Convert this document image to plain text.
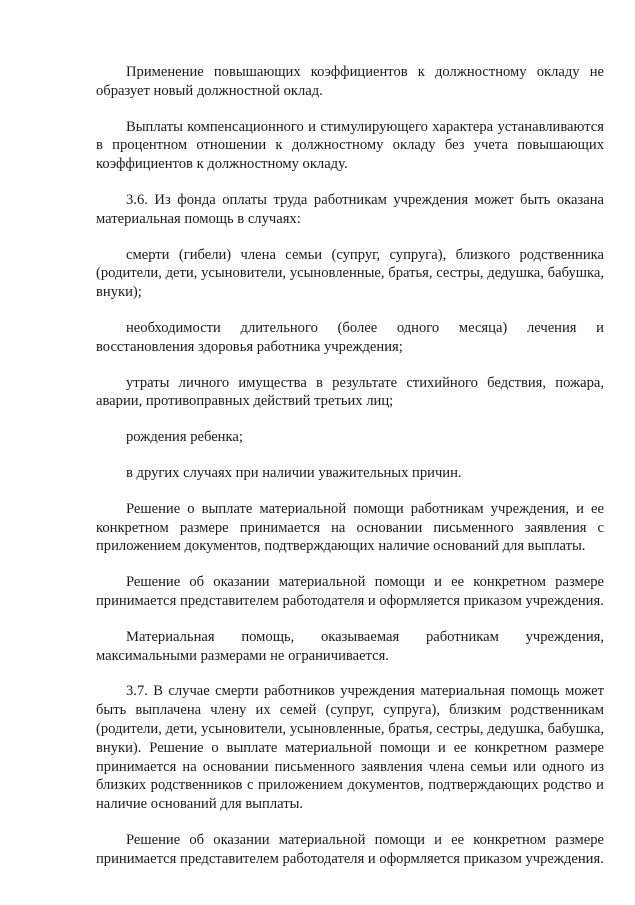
Применение повышающих коэффициентов к должностному окладу не образует новый должностной оклад.

Выплаты компенсационного и стимулирующего характера устанавливаются в процентном отношении к должностному окладу без учета повышающих коэффициентов к должностному окладу.

3.6. Из фонда оплаты труда работникам учреждения может быть оказана материальная помощь в случаях:

смерти (гибели) члена семьи (супруг, супруга), близкого родственника (родители, дети, усыновители, усыновленные, братья, сестры, дедушка, бабушка, внуки);

необходимости длительного (более одного месяца) лечения и восстановления здоровья работника учреждения;

утраты личного имущества в результате стихийного бедствия, пожара, аварии, противоправных действий третьих лиц;

рождения ребенка;

в других случаях при наличии уважительных причин.

Решение о выплате материальной помощи работникам учреждения, и ее конкретном размере принимается на основании письменного заявления с приложением документов, подтверждающих наличие оснований для выплаты.

Решение об оказании материальной помощи и ее конкретном размере принимается представителем работодателя и оформляется приказом учреждения.

Материальная помощь, оказываемая работникам учреждения, максимальными размерами не ограничивается.

3.7. В случае смерти работников учреждения материальная помощь может быть выплачена члену их семей (супруг, супруга), близким родственникам (родители, дети, усыновители, усыновленные, братья, сестры, дедушка, бабушка, внуки). Решение о выплате материальной помощи и ее конкретном размере принимается на основании письменного заявления члена семьи или одного из близких родственников с приложением документов, подтверждающих родство и наличие оснований для выплаты.

Решение об оказании материальной помощи и ее конкретном размере принимается представителем работодателя и оформляется приказом учреждения.
